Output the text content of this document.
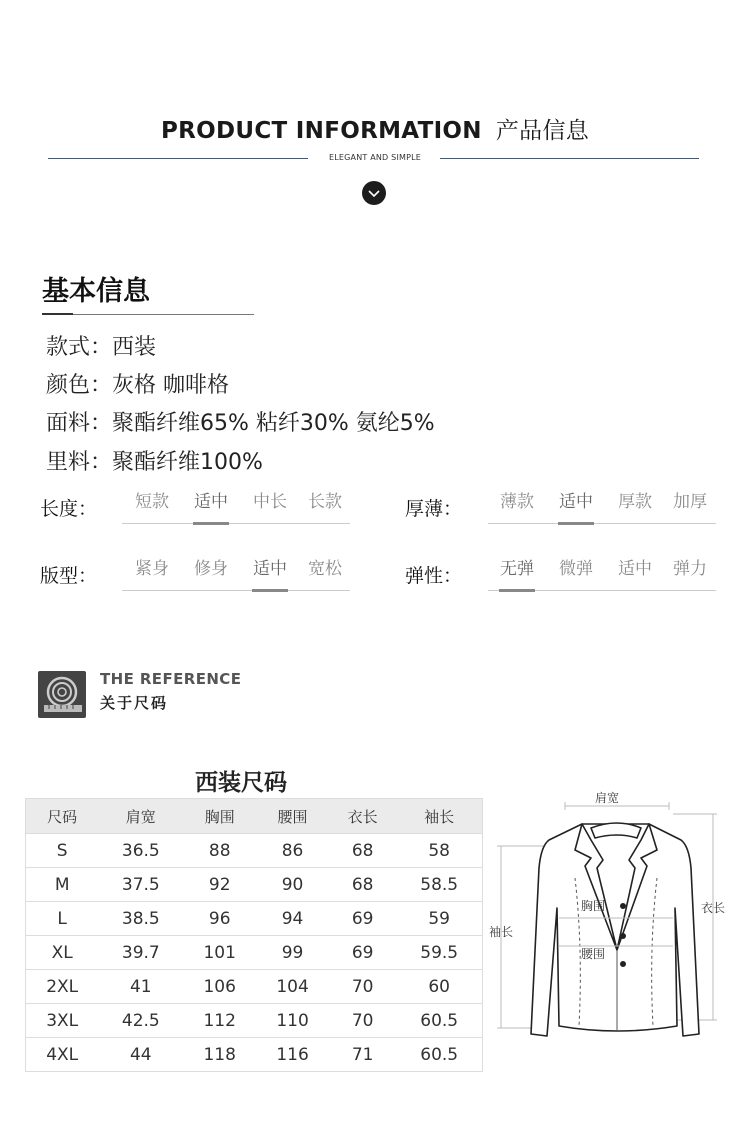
PRODUCT INFORMATION 产品信息
ELEGANT AND SIMPLE
基本信息
款式：西装
颜色：灰格 咖啡格
面料：聚酯纤维65% 粘纤30% 氨纶5%
里料：聚酯纤维100%
长度：	短款	适中	中长	长款	厚薄：	薄款	适中	厚款	加厚
版型：	紧身	修身	适中	宽松	弹性：	无弹	微弹	适中	弹力
THE REFERENCE
关于尺码
西装尺码
尺码	肩宽	胸围	腰围	衣长	袖长
S	36.5	88	86	68	58
M	37.5	92	90	68	58.5
L	38.5	96	94	69	59
XL	39.7	101	99	69	59.5
2XL	41	106	104	70	60
3XL	42.5	112	110	70	60.5
4XL	44	118	116	71	60.5
肩宽
胸围
腰围
袖长
衣长
